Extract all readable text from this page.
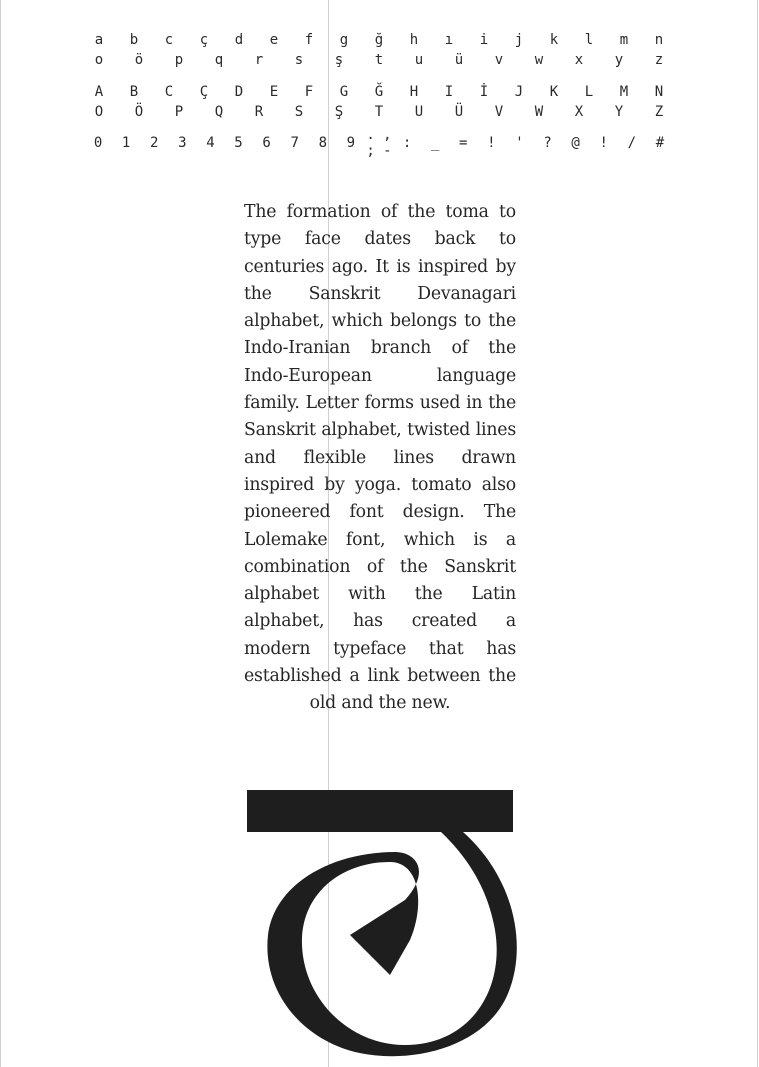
a	b	c	ç	d	e	f	g	ğ	h	ı	i	j	k	l	m	n
o	ö	p	q	r	s	ş	t	u	ü	v	w	x	y	z
A	B	C	Ç	D	E	F	G	Ğ	H	I	İ	J	K	L	M	N
O	Ö	P	Q	R	S	Ş	T	U	Ü	V	W	X	Y	Z
0	1	2	3	4	5	6	7	8	9 . , ; - :	_	=	!	'	?	@	!	/	#
The formation of the toma to type face dates back to centuries ago. It is inspired by the Sanskrit Devanagari alphabet, which belongs to the Indo-Iranian branch of the Indo-European language family. Letter forms used in the Sanskrit alphabet, twisted lines and flexible lines drawn inspired by yoga. tomato also pioneered font design. The Lolemake font, which is a combination of the Sanskrit alphabet with the Latin alphabet, has created a modern typeface that has established a link between the old and the new.
